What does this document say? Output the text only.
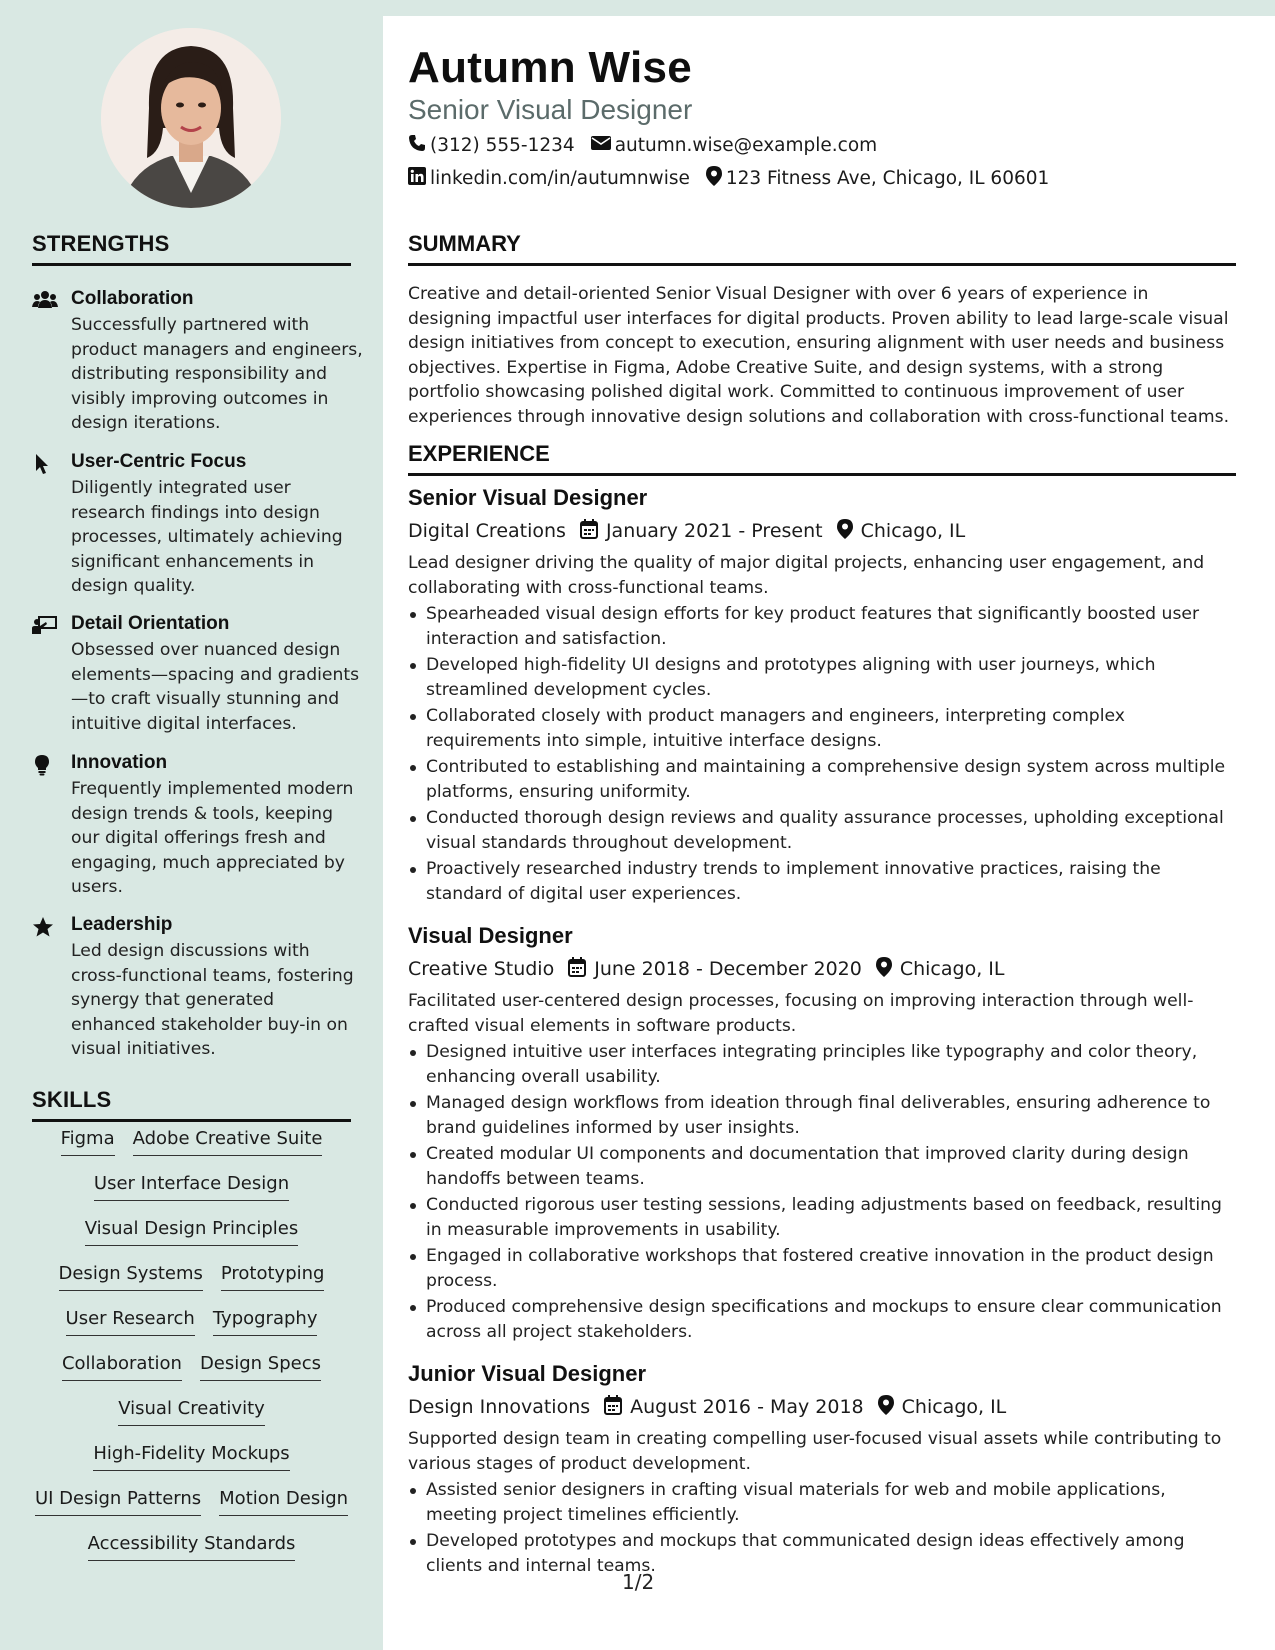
STRENGTHS
Collaboration
Successfully partnered with product managers and engineers, distributing responsibility and visibly improving outcomes in design iterations.
User-Centric Focus
Diligently integrated user research findings into design processes, ultimately achieving significant enhancements in design quality.
Detail Orientation
Obsessed over nuanced design elements—spacing and gradients—to craft visually stunning and intuitive digital interfaces.
Innovation
Frequently implemented modern design trends & tools, keeping our digital offerings fresh and engaging, much appreciated by users.
Leadership
Led design discussions with cross-functional teams, fostering synergy that generated enhanced stakeholder buy-in on visual initiatives.
SKILLS
Figma Adobe Creative Suite
User Interface Design
Visual Design Principles
Design Systems Prototyping
User Research Typography
Collaboration Design Specs
Visual Creativity
High-Fidelity Mockups
UI Design Patterns Motion Design
Accessibility Standards
Autumn Wise
Senior Visual Designer
(312) 555-1234 autumn.wise@example.com
linkedin.com/in/autumnwise 123 Fitness Ave, Chicago, IL 60601
SUMMARY
Creative and detail-oriented Senior Visual Designer with over 6 years of experience in designing impactful user interfaces for digital products. Proven ability to lead large-scale visual design initiatives from concept to execution, ensuring alignment with user needs and business objectives. Expertise in Figma, Adobe Creative Suite, and design systems, with a strong portfolio showcasing polished digital work. Committed to continuous improvement of user experiences through innovative design solutions and collaboration with cross-functional teams.
EXPERIENCE
Senior Visual Designer
Digital Creations January 2021 - Present Chicago, IL
Lead designer driving the quality of major digital projects, enhancing user engagement, and collaborating with cross-functional teams.
Spearheaded visual design efforts for key product features that significantly boosted user interaction and satisfaction.
Developed high-fidelity UI designs and prototypes aligning with user journeys, which streamlined development cycles.
Collaborated closely with product managers and engineers, interpreting complex requirements into simple, intuitive interface designs.
Contributed to establishing and maintaining a comprehensive design system across multiple platforms, ensuring uniformity.
Conducted thorough design reviews and quality assurance processes, upholding exceptional visual standards throughout development.
Proactively researched industry trends to implement innovative practices, raising the standard of digital user experiences.
Visual Designer
Creative Studio June 2018 - December 2020 Chicago, IL
Facilitated user-centered design processes, focusing on improving interaction through well-crafted visual elements in software products.
Designed intuitive user interfaces integrating principles like typography and color theory, enhancing overall usability.
Managed design workflows from ideation through final deliverables, ensuring adherence to brand guidelines informed by user insights.
Created modular UI components and documentation that improved clarity during design handoffs between teams.
Conducted rigorous user testing sessions, leading adjustments based on feedback, resulting in measurable improvements in usability.
Engaged in collaborative workshops that fostered creative innovation in the product design process.
Produced comprehensive design specifications and mockups to ensure clear communication across all project stakeholders.
Junior Visual Designer
Design Innovations August 2016 - May 2018 Chicago, IL
Supported design team in creating compelling user-focused visual assets while contributing to various stages of product development.
Assisted senior designers in crafting visual materials for web and mobile applications, meeting project timelines efficiently.
Developed prototypes and mockups that communicated design ideas effectively among clients and internal teams.
1/2
